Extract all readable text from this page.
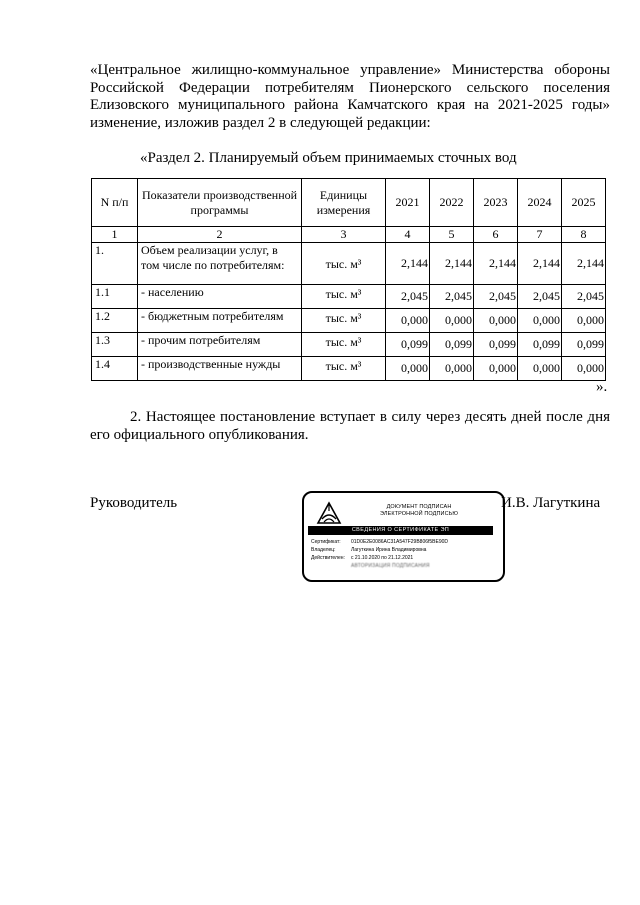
«Центральное жилищно-коммунальное управление» Министерства обороны
Российской Федерации потребителям Пионерского сельского поселения
Елизовского муниципального района Камчатского края на 2021-2025 годы»
изменение, изложив раздел 2 в следующей редакции:
«Раздел 2. Планируемый объем принимаемых сточных вод
N п/п	Показатели производственной программы	Единицы измерения	2021	2022	2023	2024	2025
1	2	3	4	5	6	7	8
1.	Объем реализации услуг, в том числе по потребителям:	тыс. м³	2,144	2,144	2,144	2,144	2,144
1.1	- населению	тыс. м³	2,045	2,045	2,045	2,045	2,045
1.2	- бюджетным потребителям	тыс. м³	0,000	0,000	0,000	0,000	0,000
1.3	- прочим потребителям	тыс. м³	0,099	0,099	0,099	0,099	0,099
1.4	- производственные нужды	тыс. м³	0,000	0,000	0,000	0,000	0,000
».
2. Настоящее постановление вступает в силу через десять дней после дня
его официального опубликования.
Руководитель	ДОКУМЕНТ ПОДПИСАН
ЭЛЕКТРОННОЙ ПОДПИСЬЮ
СВЕДЕНИЯ О СЕРТИФИКАТЕ ЭП
Сертификат: 01D0E2E0086AC31A547F29B806f5BE90D
Владелец:	Лагуткина Ирина Владимировна
Действителен: с 21.10.2020 по 21.12.2021
АВТОРИЗАЦИЯ ПОДПИСАНИЯ
И.В. Лагуткина
